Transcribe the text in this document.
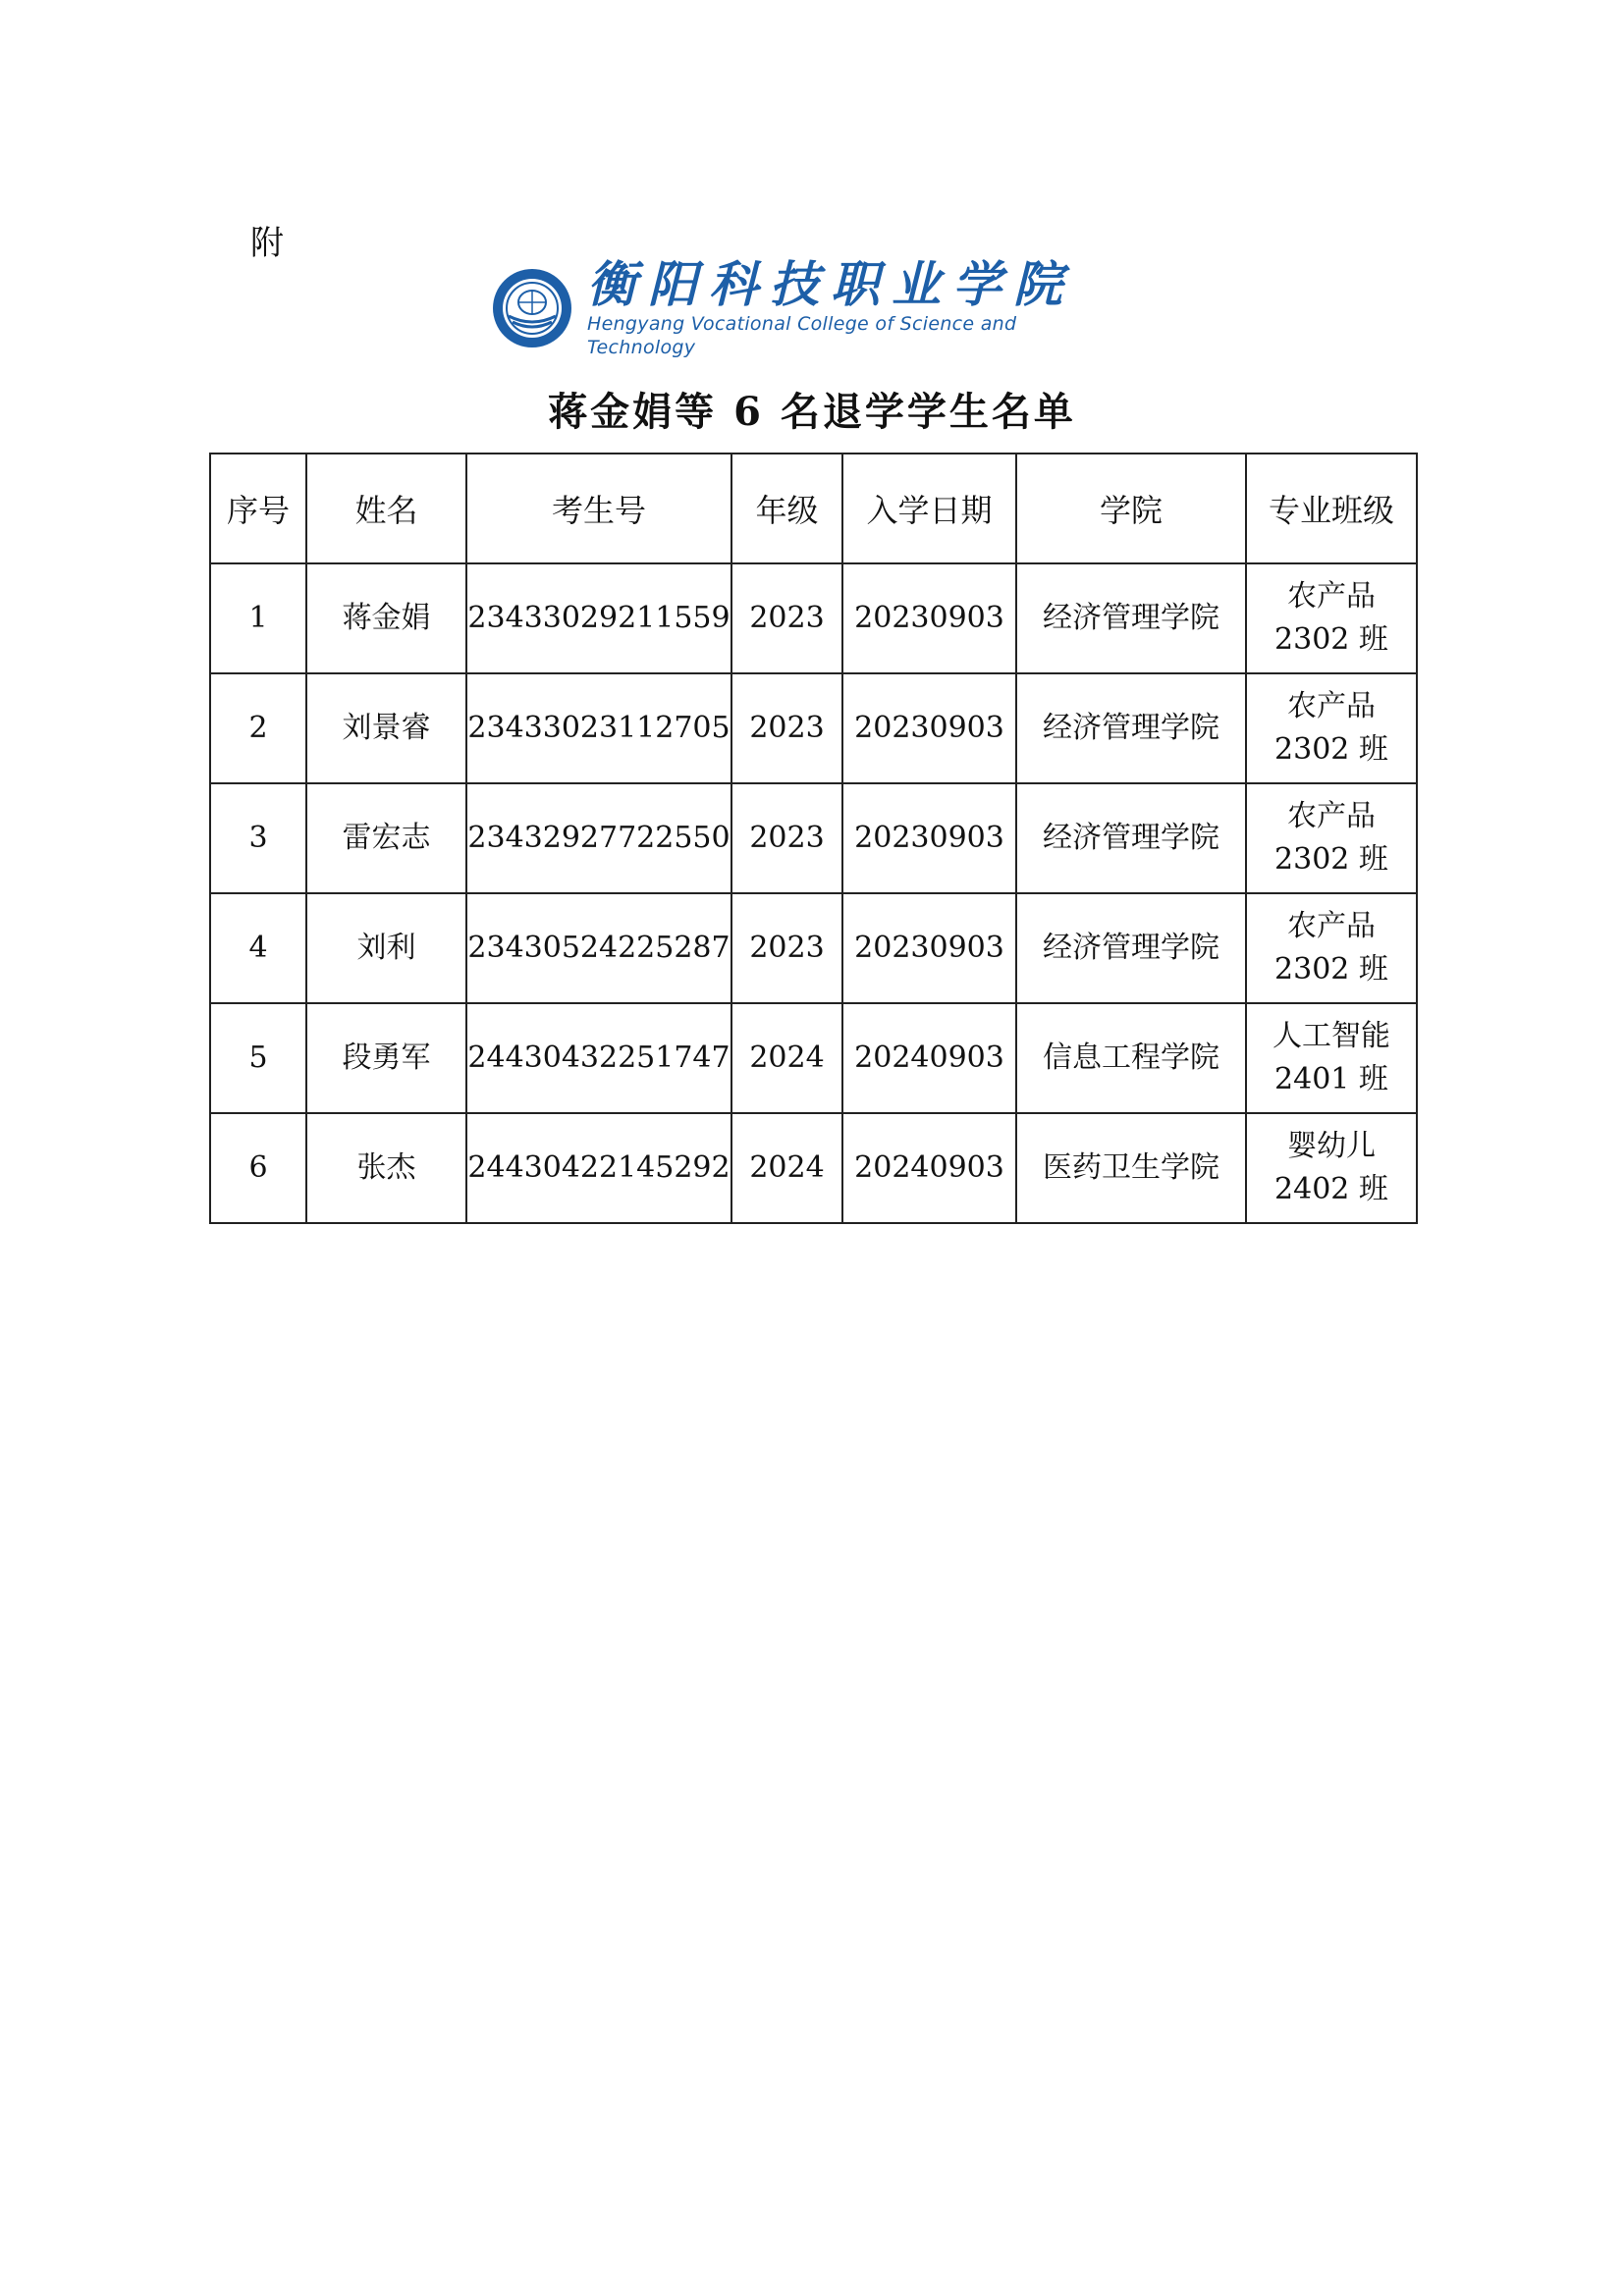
附
衡阳科技职业学院
Hengyang Vocational College of Science and Technology
蒋金娟等 6 名退学学生名单
序号	姓名	考生号	年级	入学日期	学院	专业班级
1	蒋金娟	23433029211559	2023	20230903	经济管理学院	农产品
2302 班

2	刘景睿	23433023112705	2023	20230903	经济管理学院	农产品
2302 班

3	雷宏志	23432927722550	2023	20230903	经济管理学院	农产品
2302 班

4	刘利	23430524225287	2023	20230903	经济管理学院	农产品
2302 班

5	段勇军	24430432251747	2024	20240903	信息工程学院	人工智能
2401 班

6	张杰	24430422145292	2024	20240903	医药卫生学院	婴幼儿
2402 班
